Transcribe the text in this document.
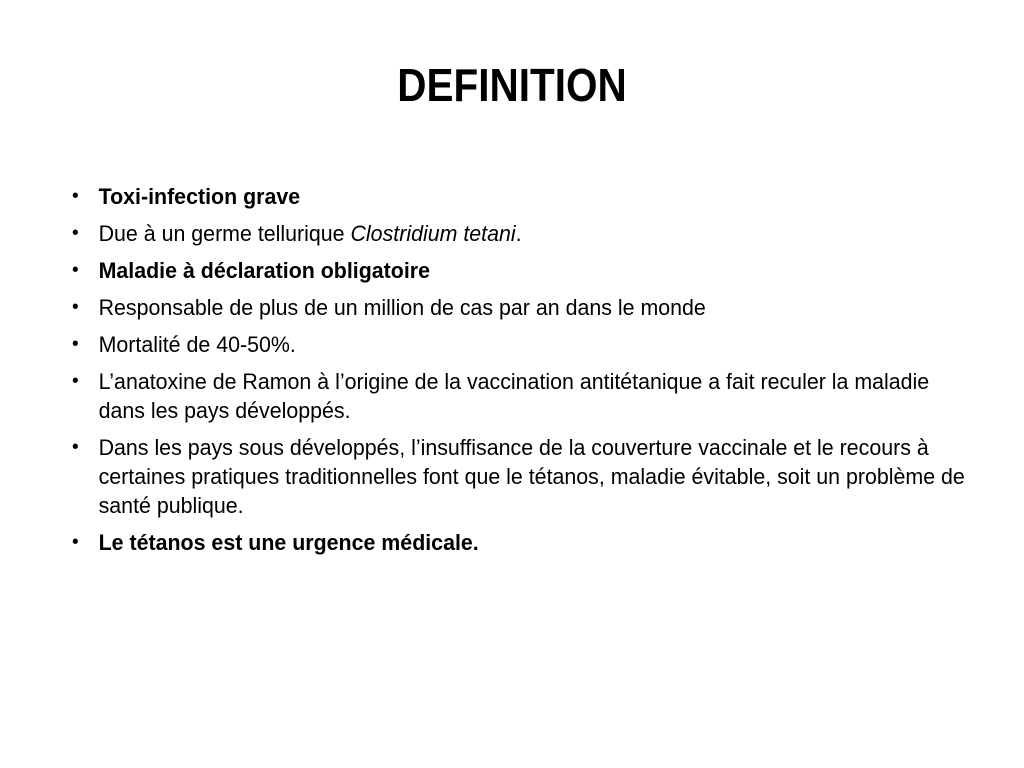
DEFINITION
• Toxi-infection grave
• Due à un germe tellurique Clostridium tetani.
• Maladie à déclaration obligatoire
• Responsable de plus de un million de cas par an dans le monde
• Mortalité de 40-50%.
• L’anatoxine de Ramon à l’origine de la vaccination antitétanique a fait reculer la maladie dans les pays développés.
• Dans les pays sous développés, l’insuffisance de la couverture vaccinale et le recours à certaines pratiques traditionnelles font que le tétanos, maladie évitable, soit un problème de santé publique.
• Le tétanos est une urgence médicale.
